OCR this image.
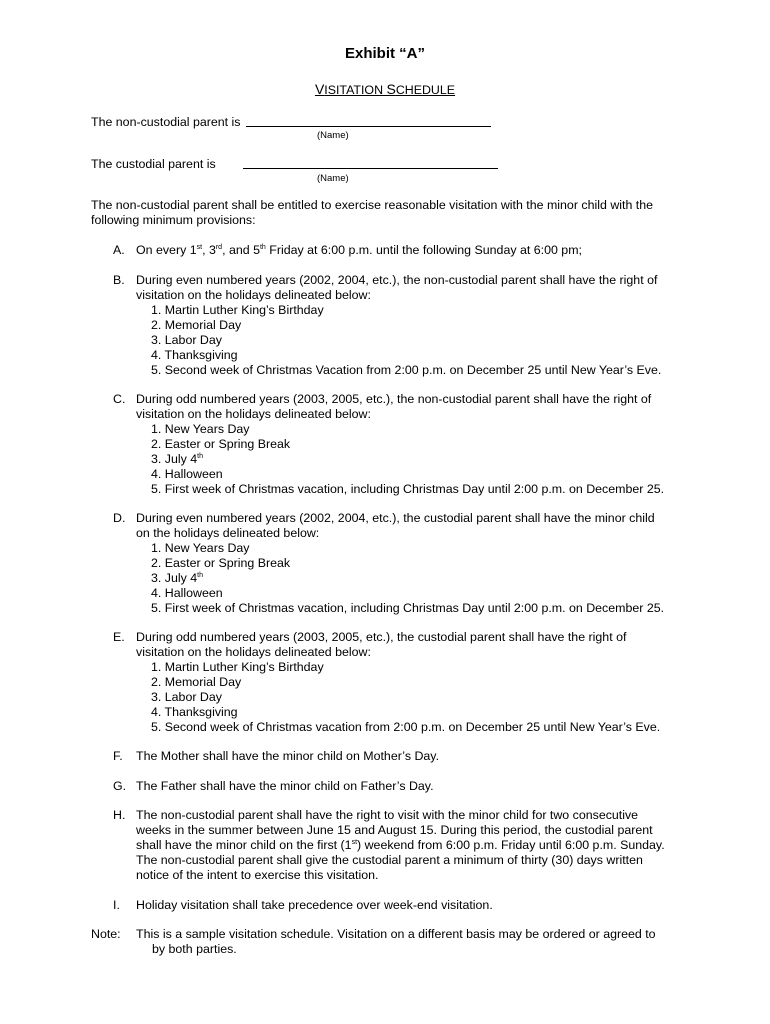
Exhibit “A”
VISITATION SCHEDULE
The non-custodial parent is
(Name)
The custodial parent is
(Name)
The non-custodial parent shall be entitled to exercise reasonable visitation with the minor child with the
following minimum provisions:
A. On every 1st, 3rd, and 5th Friday at 6:00 p.m. until the following Sunday at 6:00 pm;
B. During even numbered years (2002, 2004, etc.), the non-custodial parent shall have the right of
visitation on the holidays delineated below:
1. Martin Luther King’s Birthday
2. Memorial Day
3. Labor Day
4. Thanksgiving
5. Second week of Christmas Vacation from 2:00 p.m. on December 25 until New Year’s Eve.
C. During odd numbered years (2003, 2005, etc.), the non-custodial parent shall have the right of
visitation on the holidays delineated below:
1. New Years Day
2. Easter or Spring Break
3. July 4th
4. Halloween
5. First week of Christmas vacation, including Christmas Day until 2:00 p.m. on December 25.
D. During even numbered years (2002, 2004, etc.), the custodial parent shall have the minor child
on the holidays delineated below:
1. New Years Day
2. Easter or Spring Break
3. July 4th
4. Halloween
5. First week of Christmas vacation, including Christmas Day until 2:00 p.m. on December 25.
E. During odd numbered years (2003, 2005, etc.), the custodial parent shall have the right of
visitation on the holidays delineated below:
1. Martin Luther King’s Birthday
2. Memorial Day
3. Labor Day
4. Thanksgiving
5. Second week of Christmas vacation from 2:00 p.m. on December 25 until New Year’s Eve.
F.	The Mother shall have the minor child on Mother’s Day.
G. The Father shall have the minor child on Father’s Day.
H. The non-custodial parent shall have the right to visit with the minor child for two consecutive
weeks in the summer between June 15 and August 15. During this period, the custodial parent
shall have the minor child on the first (1st) weekend from 6:00 p.m. Friday until 6:00 p.m. Sunday.
The non-custodial parent shall give the custodial parent a minimum of thirty (30) days written
notice of the intent to exercise this visitation.
I.	Holiday visitation shall take precedence over week-end visitation.
Note: This is a sample visitation schedule. Visitation on a different basis may be ordered or agreed to
by both parties.
